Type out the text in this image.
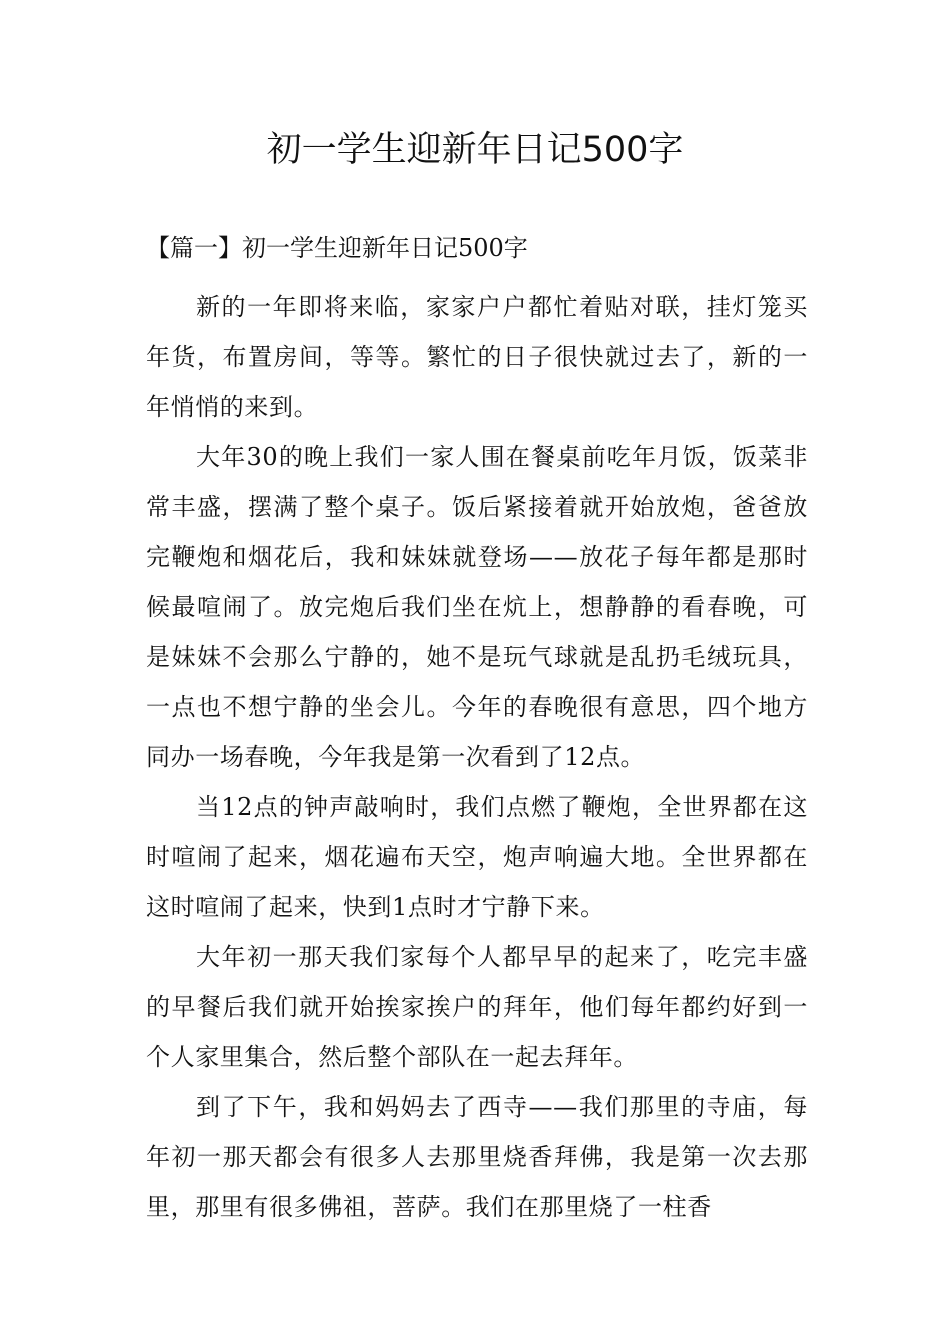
初一学生迎新年日记500字
【篇一】初一学生迎新年日记500字

新的一年即将来临，家家户户都忙着贴对联，挂灯笼买年货，布置房间，等等。繁忙的日子很快就过去了，新的一年悄悄的来到。

大年30的晚上我们一家人围在餐桌前吃年月饭，饭菜非常丰盛，摆满了整个桌子。饭后紧接着就开始放炮，爸爸放完鞭炮和烟花后，我和妹妹就登场——放花子每年都是那时候最喧闹了。放完炮后我们坐在炕上，想静静的看春晚，可是妹妹不会那么宁静的，她不是玩气球就是乱扔毛绒玩具，一点也不想宁静的坐会儿。今年的春晚很有意思，四个地方同办一场春晚，今年我是第一次看到了12点。

当12点的钟声敲响时，我们点燃了鞭炮，全世界都在这时喧闹了起来，烟花遍布天空，炮声响遍大地。全世界都在这时喧闹了起来，快到1点时才宁静下来。

大年初一那天我们家每个人都早早的起来了，吃完丰盛的早餐后我们就开始挨家挨户的拜年，他们每年都约好到一个人家里集合，然后整个部队在一起去拜年。

到了下午，我和妈妈去了西寺——我们那里的寺庙，每年初一那天都会有很多人去那里烧香拜佛，我是第一次去那里，那里有很多佛祖，菩萨。我们在那里烧了一柱香
